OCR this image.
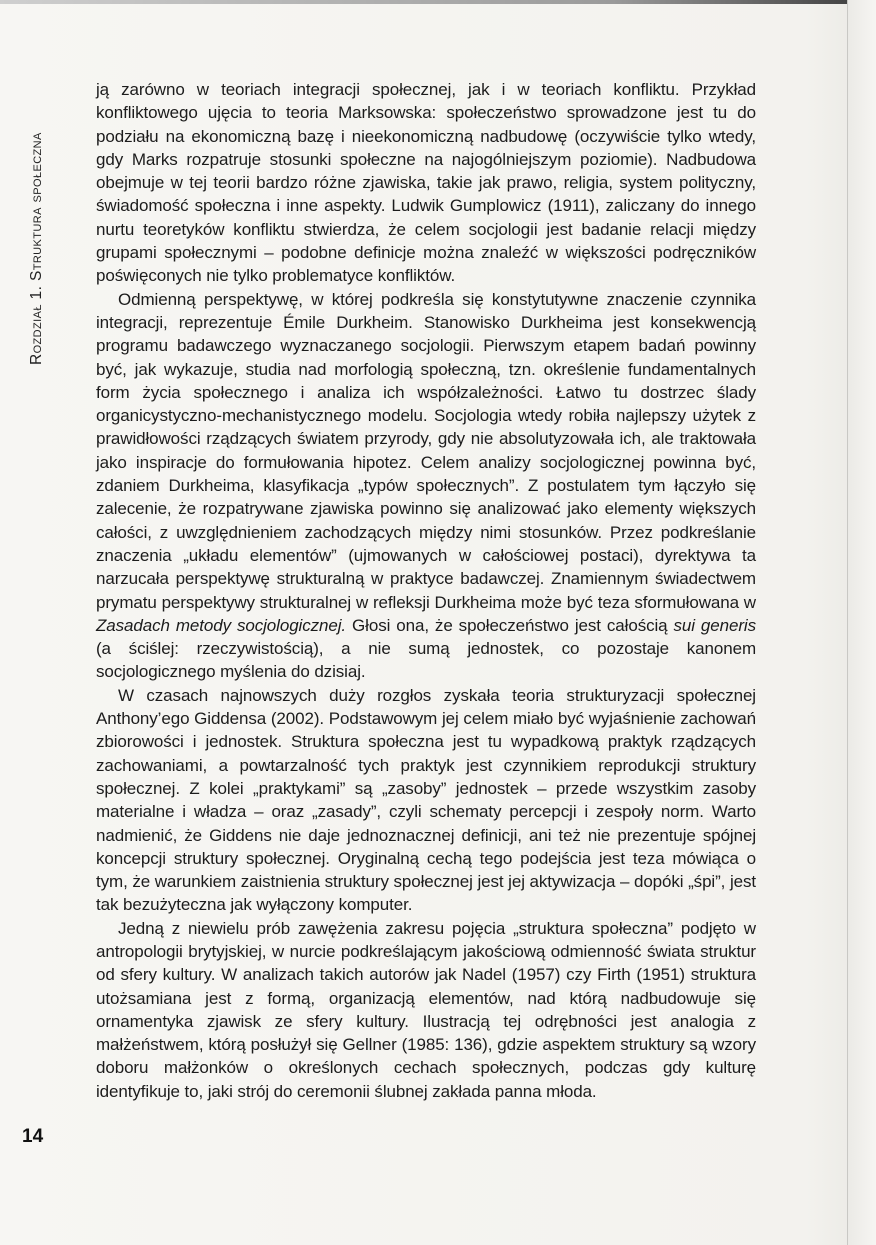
Rozdział 1. Struktura społeczna

ją zarówno w teoriach integracji społecznej, jak i w teoriach konfliktu. Przykład konfliktowego ujęcia to teoria Marksowska: społeczeństwo sprowadzone jest tu do podziału na ekonomiczną bazę i nieekonomiczną nadbudowę (oczywiście tylko wtedy, gdy Marks rozpatruje stosunki społeczne na najogólniejszym poziomie). Nadbudowa obejmuje w tej teorii bardzo różne zjawiska, takie jak prawo, religia, system polityczny, świadomość społeczna i inne aspekty. Ludwik Gumplowicz (1911), zaliczany do innego nurtu teoretyków konfliktu stwierdza, że celem socjologii jest badanie relacji między grupami społecznymi – podobne definicje można znaleźć w większości podręczników poświęconych nie tylko problematyce konfliktów.

Odmienną perspektywę, w której podkreśla się konstytutywne znaczenie czynnika integracji, reprezentuje Émile Durkheim. Stanowisko Durkheima jest konsekwencją programu badawczego wyznaczanego socjologii. Pierwszym etapem badań powinny być, jak wykazuje, studia nad morfologią społeczną, tzn. określenie fundamentalnych form życia społecznego i analiza ich współzależności. Łatwo tu dostrzec ślady organicystyczno-mechanistycznego modelu. Socjologia wtedy robiła najlepszy użytek z prawidłowości rządzących światem przyrody, gdy nie absolutyzowała ich, ale traktowała jako inspiracje do formułowania hipotez. Celem analizy socjologicznej powinna być, zdaniem Durkheima, klasyfikacja „typów społecznych”. Z postulatem tym łączyło się zalecenie, że rozpatrywane zjawiska powinno się analizować jako elementy większych całości, z uwzględnieniem zachodzących między nimi stosunków. Przez podkreślanie znaczenia „układu elementów” (ujmowanych w całościowej postaci), dyrektywa ta narzucała perspektywę strukturalną w praktyce badawczej. Znamiennym świadectwem prymatu perspektywy strukturalnej w refleksji Durkheima może być teza sformułowana w Zasadach metody socjologicznej. Głosi ona, że społeczeństwo jest całością sui generis (a ściślej: rzeczywistością), a nie sumą jednostek, co pozostaje kanonem socjologicznego myślenia do dzisiaj.

W czasach najnowszych duży rozgłos zyskała teoria strukturyzacji społecznej Anthony’ego Giddensa (2002). Podstawowym jej celem miało być wyjaśnienie zachowań zbiorowości i jednostek. Struktura społeczna jest tu wypadkową praktyk rządzących zachowaniami, a powtarzalność tych praktyk jest czynnikiem reprodukcji struktury społecznej. Z kolei „praktykami” są „zasoby” jednostek – przede wszystkim zasoby materialne i władza – oraz „zasady”, czyli schematy percepcji i zespoły norm. Warto nadmienić, że Giddens nie daje jednoznacznej definicji, ani też nie prezentuje spójnej koncepcji struktury społecznej. Oryginalną cechą tego podejścia jest teza mówiąca o tym, że warunkiem zaistnienia struktury społecznej jest jej aktywizacja – dopóki „śpi”, jest tak bezużyteczna jak wyłączony komputer.

Jedną z niewielu prób zawężenia zakresu pojęcia „struktura społeczna” podjęto w antropologii brytyjskiej, w nurcie podkreślającym jakościową odmienność świata struktur od sfery kultury. W analizach takich autorów jak Nadel (1957) czy Firth (1951) struktura utożsamiana jest z formą, organizacją elementów, nad którą nadbudowuje się ornamentyka zjawisk ze sfery kultury. Ilustracją tej odrębności jest analogia z małżeństwem, którą posłużył się Gellner (1985: 136), gdzie aspektem struktury są wzory doboru małżonków o określonych cechach społecznych, podczas gdy kulturę identyfikuje to, jaki strój do ceremonii ślubnej zakłada panna młoda.

14
